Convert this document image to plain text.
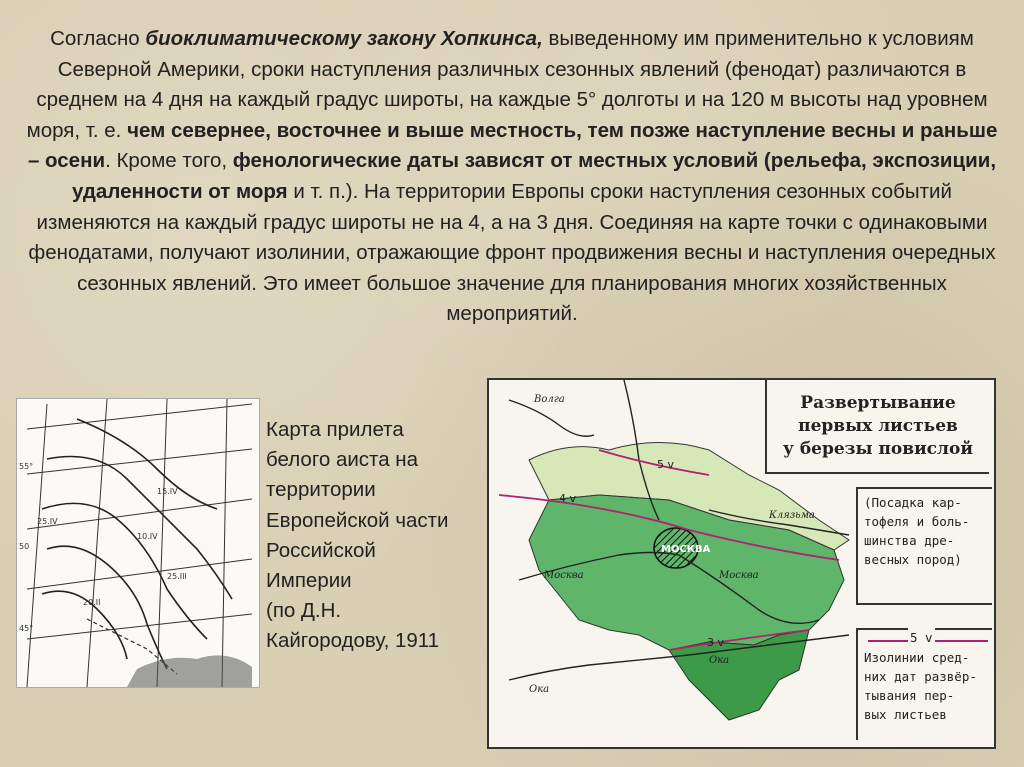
Согласно биоклиматическому закону Хопкинса, выведенному им применительно к условиям Северной Америки, сроки наступления различных сезонных явлений (фенодат) различаются в среднем на 4 дня на каждый градус широты, на каждые 5° долготы и на 120 м высоты над уровнем моря, т. е. чем севернее, восточнее и выше местность, тем позже наступление весны и раньше – осени. Кроме того, фенологические даты зависят от местных условий (рельефа, экспозиции, удаленности от моря и т. п.). На территории Европы сроки наступления сезонных событий изменяются на каждый градус широты не на 4, а на 3 дня. Соединяя на карте точки с одинаковыми фенодатами, получают изолинии, отражающие фронт продвижения весны и наступления очередных сезонных явлений. Это имеет большое значение для планирования многих хозяйственных мероприятий.
55°
50
45°
20.II
25.IV
15.IV
10.IV
25.III
Карта прилета
белого аиста на
территории
Европейской части
Российской
Империи
(по Д.Н.
Кайгородову, 1911
5 v
4 v
3 v
МОСКВА
Волга
Клязьма
Москва	Москва
Ока
Ока
Развертывание
первых листьев
у березы повислой
(Посадка кар-
тофеля и боль-
шинства дре-
весных пород)
5 v
Изолинии сред-
них дат развёр-
тывания пер-
вых листьев
